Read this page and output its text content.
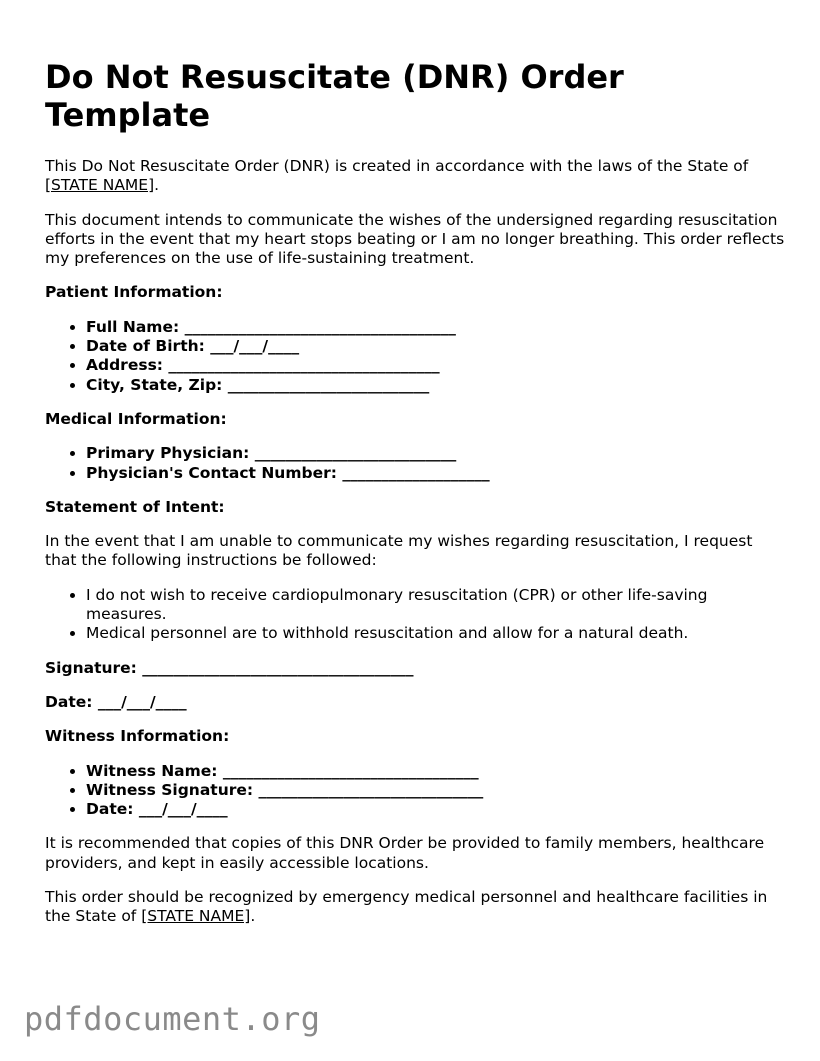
Do Not Resuscitate (DNR) Order Template

This Do Not Resuscitate Order (DNR) is created in accordance with the laws of the State of [STATE NAME].

This document intends to communicate the wishes of the undersigned regarding resuscitation efforts in the event that my heart stops beating or I am no longer breathing. This order reflects my preferences on the use of life-sustaining treatment.

Patient Information:
• Full Name: ___________________________________
• Date of Birth: ___/___/____
• Address: ___________________________________
• City, State, Zip: __________________________
Medical Information:
• Primary Physician: __________________________
• Physician's Contact Number: ___________________
Statement of Intent:

In the event that I am unable to communicate my wishes regarding resuscitation, I request that the following instructions be followed:

• I do not wish to receive cardiopulmonary resuscitation (CPR) or other life-saving measures.
• Medical personnel are to withhold resuscitation and allow for a natural death.
Signature: ___________________________________
Date: ___/___/____
Witness Information:
• Witness Name: _________________________________
• Witness Signature: _____________________________
• Date: ___/___/____

It is recommended that copies of this DNR Order be provided to family members, healthcare providers, and kept in easily accessible locations.

This order should be recognized by emergency medical personnel and healthcare facilities in the State of [STATE NAME].

pdfdocument.org
